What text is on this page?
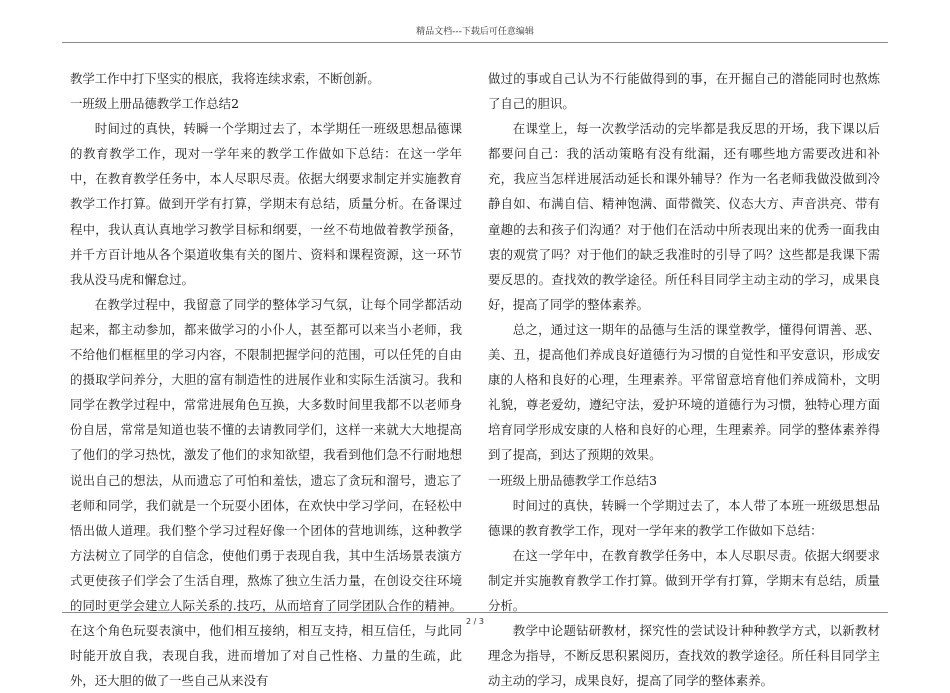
精品文档---下载后可任意编辑

教学工作中打下坚实的根底，我将连续求索，不断创新。

一班级上册品德教学工作总结2

时间过的真快，转瞬一个学期过去了，本学期任一班级思想品德课的教育教学工作，现对一学年来的教学工作做如下总结：在这一学年中，在教育教学任务中，本人尽职尽责。依据大纲要求制定并实施教育教学工作打算。做到开学有打算，学期末有总结，质量分析。在备课过程中，我认真认真地学习教学目标和纲要，一丝不苟地做着教学预备，并千方百计地从各个渠道收集有关的图片、资料和课程资源，这一环节我从没马虎和懈怠过。

在教学过程中，我留意了同学的整体学习气氛，让每个同学都活动起来，都主动参加，都来做学习的小仆人，甚至都可以来当小老师，我不给他们框框里的学习内容，不限制把握学问的范围，可以任凭的自由的摄取学问养分，大胆的富有制造性的进展作业和实际生活演习。我和同学在教学过程中，常常进展角色互换，大多数时间里我都不以老师身份自居，常常是知道也装不懂的去请教同学们，这样一来就大大地提高了他们的学习热忱，激发了他们的求知欲望，我看到他们急不行耐地想说出自己的想法，从而遗忘了可怕和羞怯，遗忘了贪玩和溜号，遗忘了老师和同学，我们就是一个玩耍小团体，在欢快中学习学问，在轻松中悟出做人道理。我们整个学习过程好像一个团体的营地训练，这种教学方法树立了同学的自信念，使他们勇于表现自我，其中生活场景表演方式更使孩子们学会了生活自理，熬炼了独立生活力量，在创设交往环境的同时更学会建立人际关系的.技巧，从而培育了同学团队合作的精神。在这个角色玩耍表演中，他们相互接纳，相互支持，相互信任，与此同时能开放自我，表现自我，进而增加了对自己性格、力量的生疏，此外，还大胆的做了一些自己从来没有

做过的事或自己认为不行能做得到的事，在开掘自己的潜能同时也熬炼了自己的胆识。

在课堂上，每一次教学活动的完毕都是我反思的开场，我下课以后都要问自己：我的活动策略有没有纰漏，还有哪些地方需要改进和补充，我应当怎样进展活动延长和课外辅导？作为一名老师我做没做到冷静自如、布满自信、精神饱满、面带微笑、仪态大方、声音洪亮、带有童趣的去和孩子们沟通？对于他们在活动中所表现出来的优秀一面我由衷的观赏了吗？对于他们的缺乏我准时的引导了吗？这些都是我课下需要反思的。查找效的教学途径。所任科目同学主动主动的学习，成果良好，提高了同学的整体素养。

总之，通过这一期年的品德与生活的课堂教学，懂得何谓善、恶、美、丑，提高他们养成良好道德行为习惯的自觉性和平安意识，形成安康的人格和良好的心理，生理素养。平常留意培育他们养成简朴，文明礼貌，尊老爱幼，遵纪守法，爱护环境的道德行为习惯，独特心理方面培育同学形成安康的人格和良好的心理，生理素养。同学的整体素养得到了提高，到达了预期的效果。

一班级上册品德教学工作总结3

时间过的真快，转瞬一个学期过去了，本人带了本班一班级思想品德课的教育教学工作，现对一学年来的教学工作做如下总结：

在这一学年中，在教育教学任务中，本人尽职尽责。依据大纲要求制定并实施教育教学工作打算。做到开学有打算，学期末有总结，质量分析。

教学中论题钻研教材，探究性的尝试设计种种教学方式，以新教材理念为指导，不断反思积累阅历，查找效的教学途径。所任科目同学主动主动的学习，成果良好，提高了同学的整体素养。

2 / 3
